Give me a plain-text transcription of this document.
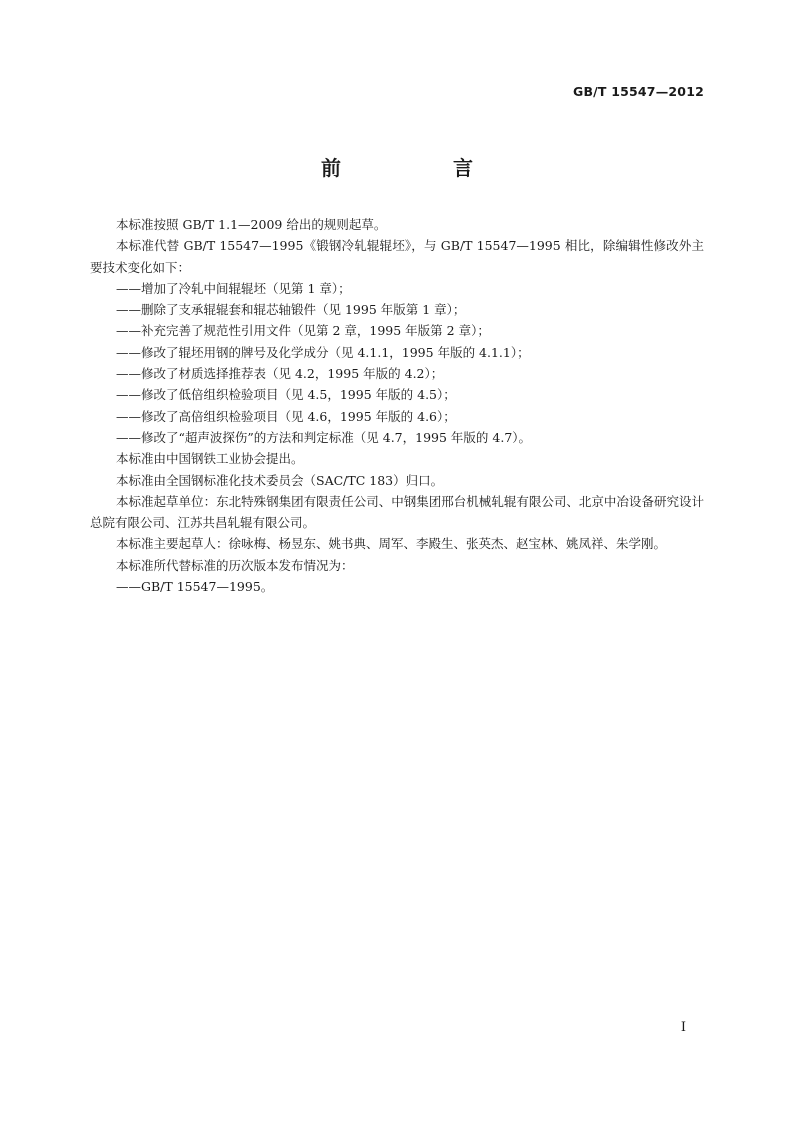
GB/T 15547—2012
前　言

本标准按照 GB/T 1.1—2009 给出的规则起草。

本标准代替 GB/T 15547—1995《锻钢冷轧辊辊坯》，与 GB/T 15547—1995 相比，除编辑性修改外主要技术变化如下：

——增加了冷轧中间辊辊坯（见第 1 章）；

——删除了支承辊辊套和辊芯轴锻件（见 1995 年版第 1 章）；

——补充完善了规范性引用文件（见第 2 章，1995 年版第 2 章）；

——修改了辊坯用钢的牌号及化学成分（见 4.1.1，1995 年版的 4.1.1）；

——修改了材质选择推荐表（见 4.2，1995 年版的 4.2）；

——修改了低倍组织检验项目（见 4.5，1995 年版的 4.5）；

——修改了高倍组织检验项目（见 4.6，1995 年版的 4.6）；

——修改了“超声波探伤”的方法和判定标准（见 4.7，1995 年版的 4.7）。

本标准由中国钢铁工业协会提出。

本标准由全国钢标准化技术委员会（SAC/TC 183）归口。

本标准起草单位：东北特殊钢集团有限责任公司、中钢集团邢台机械轧辊有限公司、北京中冶设备研究设计总院有限公司、江苏共昌轧辊有限公司。

本标准主要起草人：徐咏梅、杨昱东、姚书典、周军、李殿生、张英杰、赵宝林、姚凤祥、朱学刚。

本标准所代替标准的历次版本发布情况为：

——GB/T 15547—1995。

I
